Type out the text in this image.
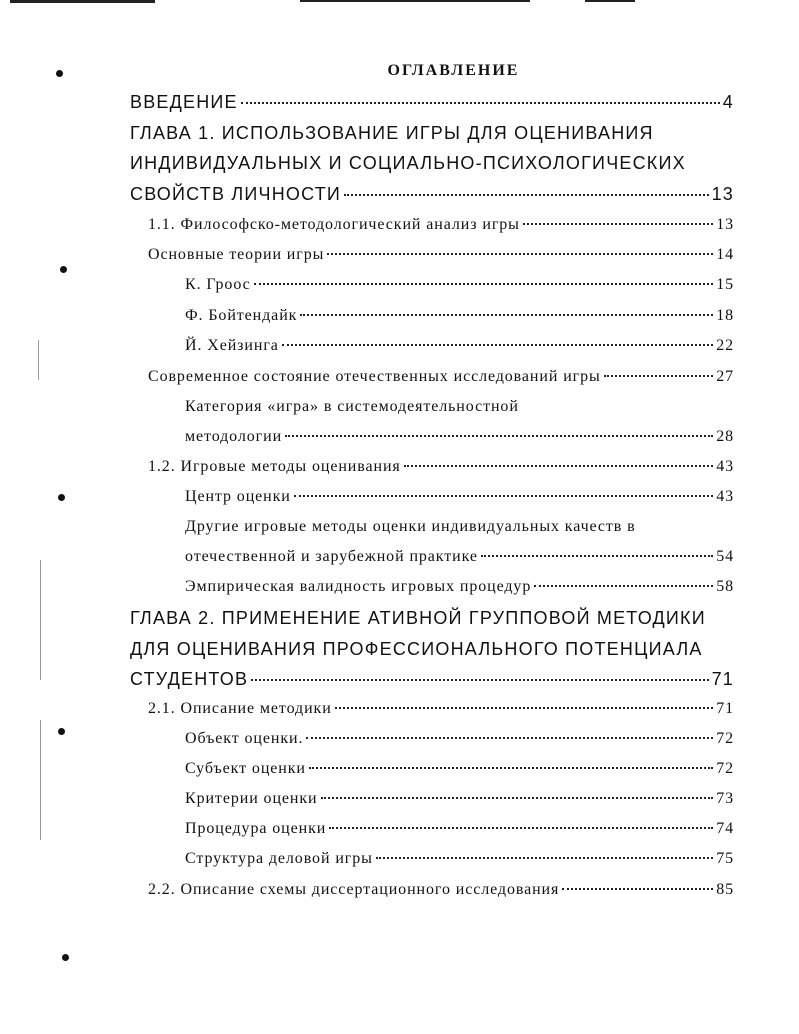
ОГЛАВЛЕНИЕ
ВВЕДЕНИЕ	4
ГЛАВА 1. ИСПОЛЬЗОВАНИЕ ИГРЫ ДЛЯ ОЦЕНИВАНИЯ
ИНДИВИДУАЛЬНЫХ И СОЦИАЛЬНО-ПСИХОЛОГИЧЕСКИХ
СВОЙСТВ ЛИЧНОСТИ	13
1.1. Философско-методологический анализ игры	13
Основные теории игры	14
К. Гроос	15
Ф. Бойтендайк	18
Й. Хейзинга	22
Современное состояние отечественных исследований игры	27
Категория «игра» в системодеятельностной
методологии	28
1.2. Игровые методы оценивания	43
Центр оценки	43
Другие игровые методы оценки индивидуальных качеств в
отечественной и зарубежной практике	54
Эмпирическая валидность игровых процедур	58
ГЛАВА 2. ПРИМЕНЕНИЕ АТИВНОЙ ГРУППОВОЙ МЕТОДИКИ
ДЛЯ ОЦЕНИВАНИЯ ПРОФЕССИОНАЛЬНОГО ПОТЕНЦИАЛА
СТУДЕНТОВ	71
2.1. Описание методики	71
Объект оценки.	72
Субъект оценки	72
Критерии оценки	73
Процедура оценки	74
Структура деловой игры	75
2.2. Описание схемы диссертационного исследования	85
